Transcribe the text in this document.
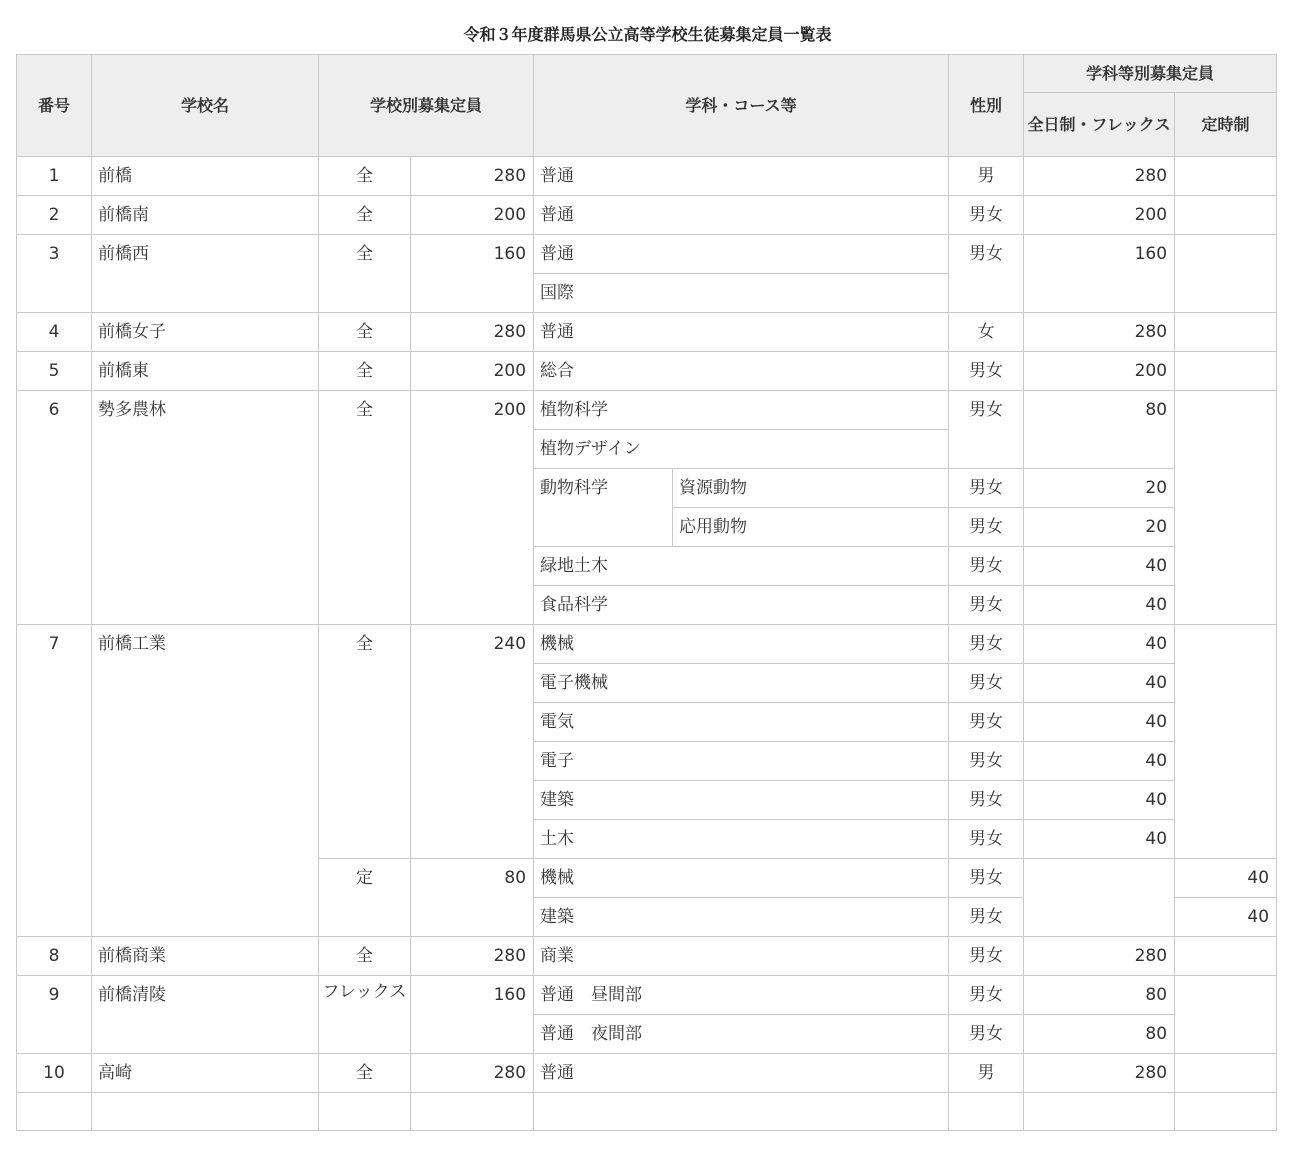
令和３年度群馬県公立高等学校生徒募集定員一覧表
番号	学校名	学校別募集定員		学科・コース等		性別	学科等別募集定員	
							全日制・フレックス	定時制
1	前橋	全	280	普通		男	280	
2	前橋南	全	200	普通		男女	200	
3	前橋西	全	160	普通		男女	160	
				国際				
4	前橋女子	全	280	普通		女	280	
5	前橋東	全	200	総合		男女	200	
6	勢多農林	全	200	植物科学		男女	80	
				植物デザイン				
				動物科学	資源動物	男女	20	
					応用動物	男女	20	
				緑地土木		男女	40	
				食品科学		男女	40	
7	前橋工業	全	240	機械		男女	40	
				電子機械		男女	40	
				電気		男女	40	
				電子		男女	40	
				建築		男女	40	
				土木		男女	40	
		定	80	機械		男女		40
				建築		男女		40
8	前橋商業	全	280	商業		男女	280	
9	前橋清陵	フレックス	160	普通　昼間部		男女	80	
				普通　夜間部		男女	80	
10	高崎	全	280	普通		男	280	
